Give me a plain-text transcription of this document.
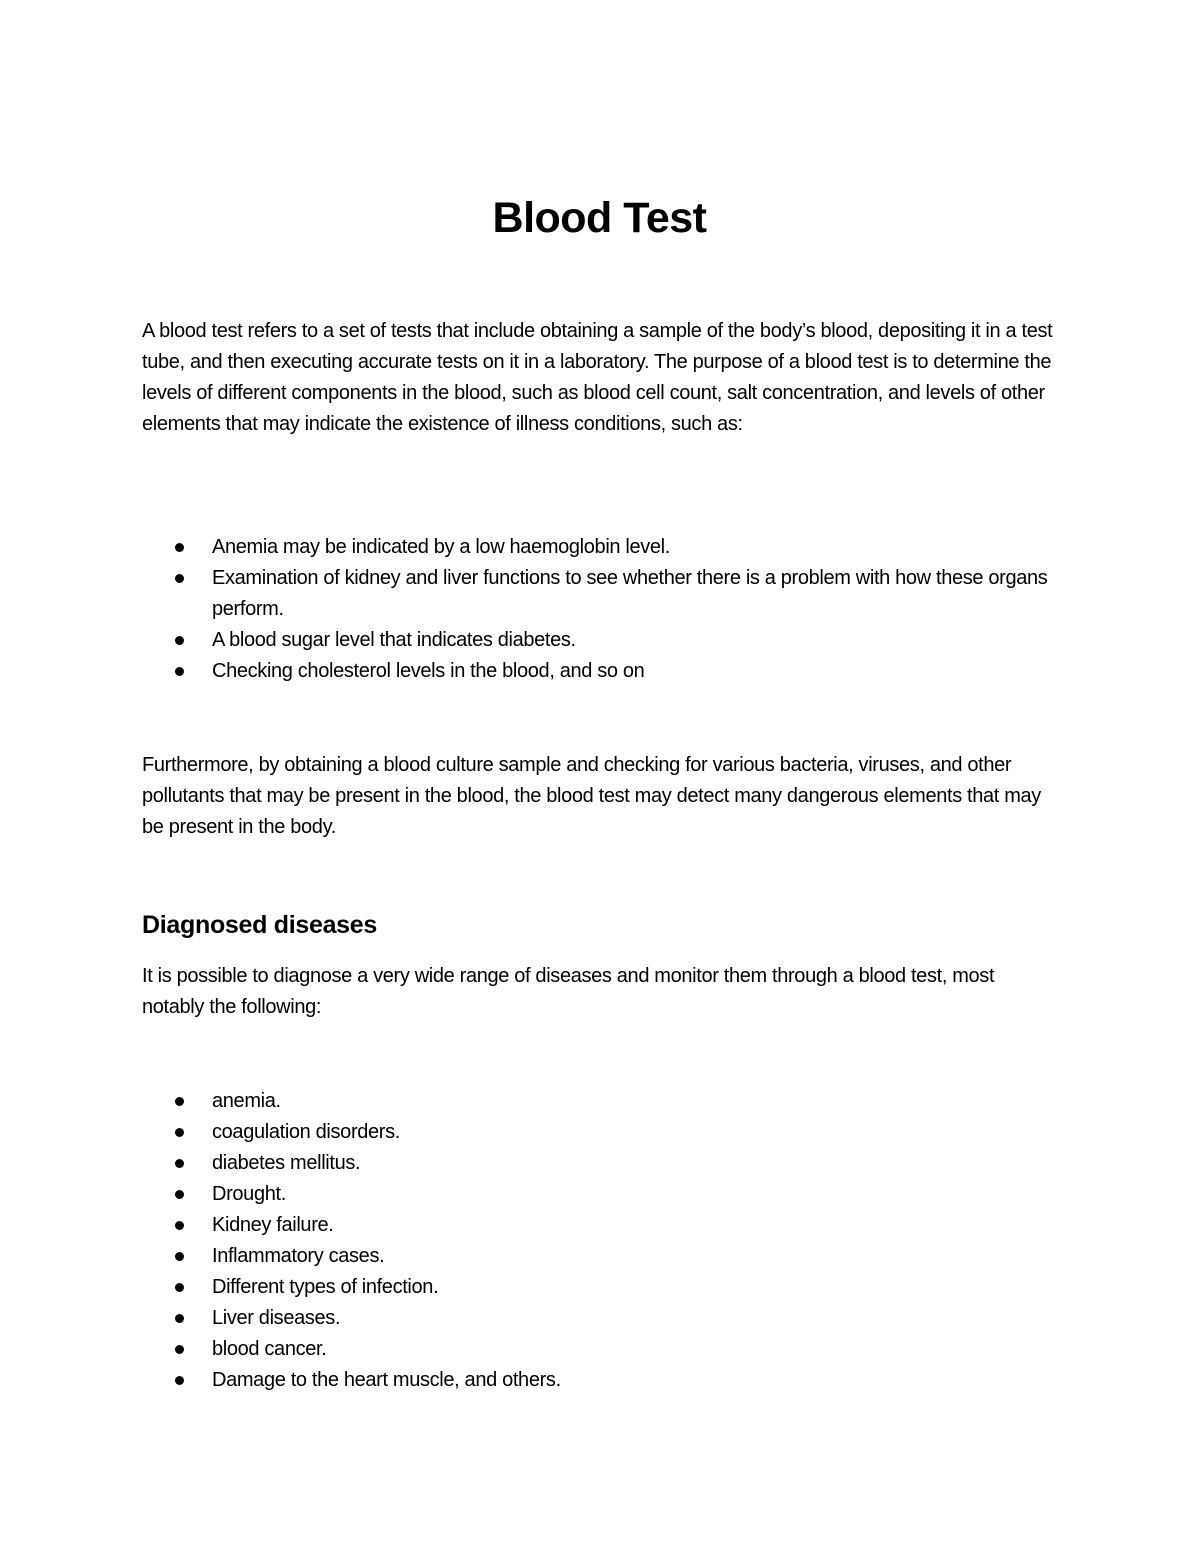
Blood Test

A blood test refers to a set of tests that include obtaining a sample of the body’s blood, depositing it in a test tube, and then executing accurate tests on it in a laboratory. The purpose of a blood test is to determine the levels of different components in the blood, such as blood cell count, salt concentration, and levels of other elements that may indicate the existence of illness conditions, such as:

Anemia may be indicated by a low haemoglobin level.
Examination of kidney and liver functions to see whether there is a problem with how these organs perform.
A blood sugar level that indicates diabetes.
Checking cholesterol levels in the blood, and so on

Furthermore, by obtaining a blood culture sample and checking for various bacteria, viruses, and other pollutants that may be present in the blood, the blood test may detect many dangerous elements that may be present in the body.

Diagnosed diseases

It is possible to diagnose a very wide range of diseases and monitor them through a blood test, most notably the following:

anemia.
coagulation disorders.
diabetes mellitus.
Drought.
Kidney failure.
Inflammatory cases.
Different types of infection.
Liver diseases.
blood cancer.
Damage to the heart muscle, and others.
